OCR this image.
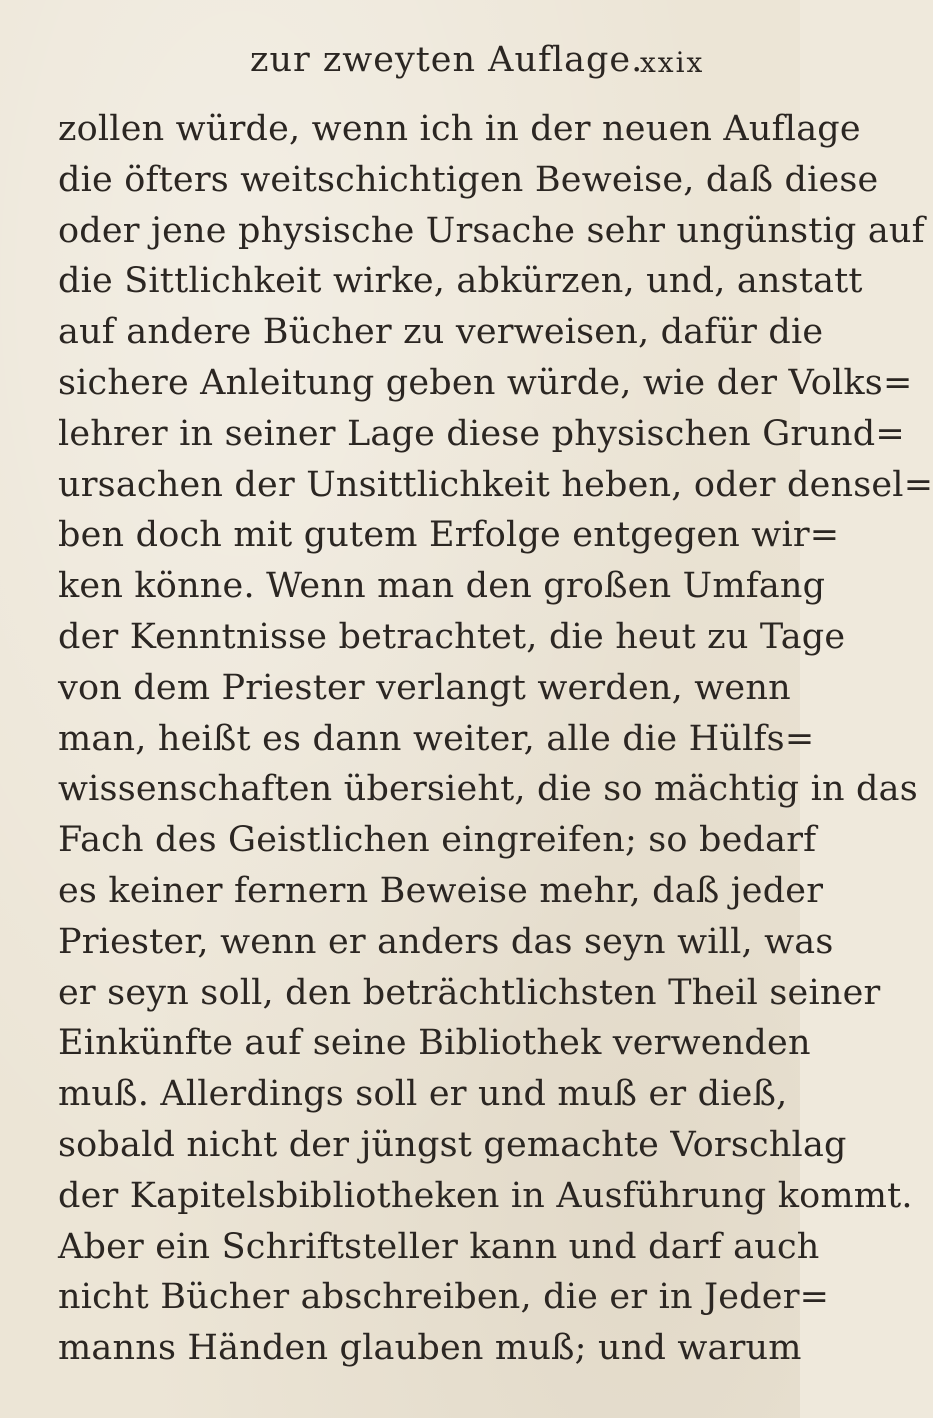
zur zweyten Auflage.
xxix
zollen würde, wenn ich in der neuen Auflage
die öfters weitschichtigen Beweise, daß diese
oder jene physische Ursache sehr ungünstig auf
die Sittlichkeit wirke, abkürzen, und, anstatt
auf andere Bücher zu verweisen, dafür die
sichere Anleitung geben würde, wie der Volks=
lehrer in seiner Lage diese physischen Grund=
ursachen der Unsittlichkeit heben, oder densel=
ben doch mit gutem Erfolge entgegen wir=
ken könne. Wenn man den großen Umfang
der Kenntnisse betrachtet, die heut zu Tage
von dem Priester verlangt werden, wenn
man, heißt es dann weiter, alle die Hülfs=
wissenschaften übersieht, die so mächtig in das
Fach des Geistlichen eingreifen; so bedarf
es keiner fernern Beweise mehr, daß jeder
Priester, wenn er anders das seyn will, was
er seyn soll, den beträchtlichsten Theil seiner
Einkünfte auf seine Bibliothek verwenden
muß. Allerdings soll er und muß er dieß,
sobald nicht der jüngst gemachte Vorschlag
der Kapitelsbibliotheken in Ausführung kommt.
Aber ein Schriftsteller kann und darf auch
nicht Bücher abschreiben, die er in Jeder=
manns Händen glauben muß; und warum
